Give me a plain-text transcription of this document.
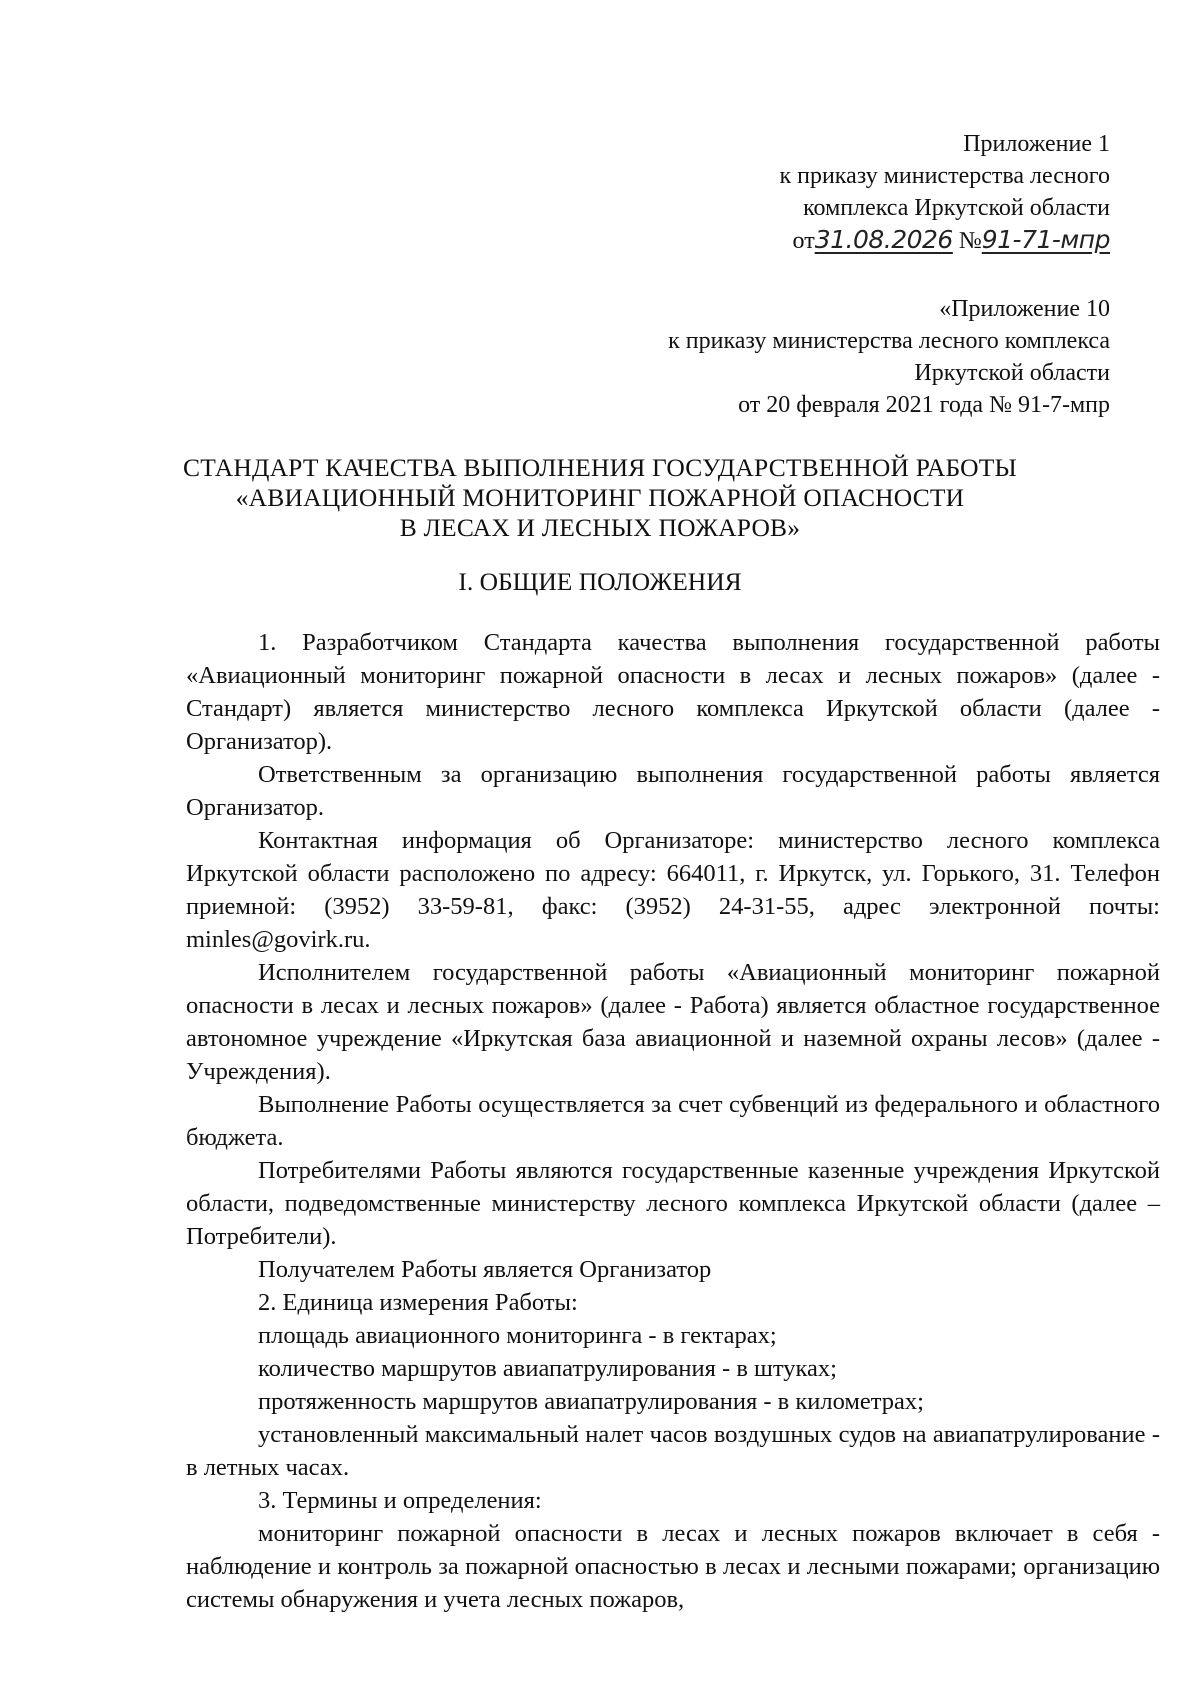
Приложение 1
к приказу министерства лесного
комплекса Иркутской области
от31.08.2026 №91-71-мпр
«Приложение 10
к приказу министерства лесного комплекса
Иркутской области
от 20 февраля 2021 года № 91-7-мпр
СТАНДАРТ КАЧЕСТВА ВЫПОЛНЕНИЯ ГОСУДАРСТВЕННОЙ РАБОТЫ
«АВИАЦИОННЫЙ МОНИТОРИНГ ПОЖАРНОЙ ОПАСНОСТИ
В ЛЕСАХ И ЛЕСНЫХ ПОЖАРОВ»
I. ОБЩИЕ ПОЛОЖЕНИЯ

1. Разработчиком Стандарта качества выполнения государственной работы «Авиационный мониторинг пожарной опасности в лесах и лесных пожаров» (далее - Стандарт) является министерство лесного комплекса Иркутской области (далее - Организатор).

Ответственным за организацию выполнения государственной работы является Организатор.

Контактная информация об Организаторе: министерство лесного комплекса Иркутской области расположено по адресу: 664011, г. Иркутск, ул. Горького, 31. Телефон приемной: (3952) 33-59-81, факс: (3952) 24-31-55, адрес электронной почты: minles@govirk.ru.

Исполнителем государственной работы «Авиационный мониторинг пожарной опасности в лесах и лесных пожаров» (далее - Работа) является областное государственное автономное учреждение «Иркутская база авиационной и наземной охраны лесов» (далее - Учреждения).

Выполнение Работы осуществляется за счет субвенций из федерального и областного бюджета.

Потребителями Работы являются государственные казенные учреждения Иркутской области, подведомственные министерству лесного комплекса Иркутской области (далее – Потребители).

Получателем Работы является Организатор

2. Единица измерения Работы:

площадь авиационного мониторинга - в гектарах;

количество маршрутов авиапатрулирования - в штуках;

протяженность маршрутов авиапатрулирования - в километрах;

установленный максимальный налет часов воздушных судов на авиапатрулирование - в летных часах.

3. Термины и определения:

мониторинг пожарной опасности в лесах и лесных пожаров включает в себя - наблюдение и контроль за пожарной опасностью в лесах и лесными пожарами; организацию системы обнаружения и учета лесных пожаров,
